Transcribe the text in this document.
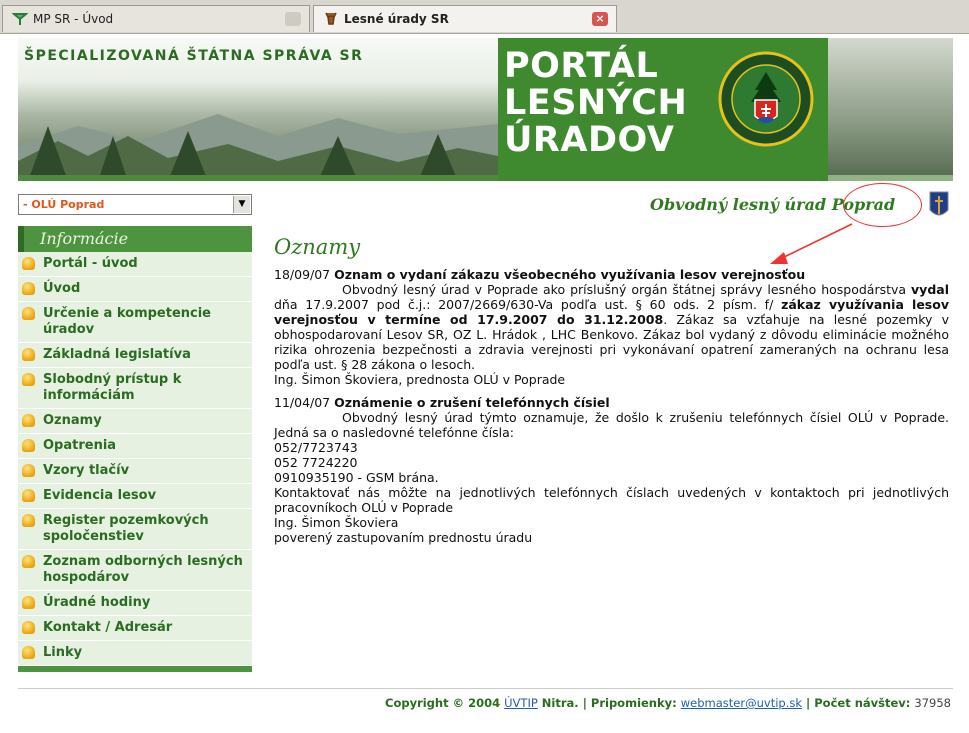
MP SR - Úvod	Lesné úrady SR	×
ŠPECIALIZOVANÁ ŠTÁTNA SPRÁVA SR	PORTÁL LESNÝCH ÚRADOV
- OLÚ Poprad	▼	Obvodný lesný úrad Poprad
Informácie
Portál - úvod
Úvod
Určenie a kompetencie úradov
Základná legislatíva
Slobodný prístup k informáciám
Oznamy
Opatrenia
Vzory tlačív
Evidencia lesov
Register pozemkových spoločenstiev
Zoznam odborných lesných hospodárov
Úradné hodiny
Kontakt / Adresár
Linky
Oznamy
18/09/07 Oznam o vydaní zákazu všeobecného využívania lesov verejnosťou
Obvodný lesný úrad v Poprade ako príslušný orgán štátnej správy lesného hospodárstva vydal dňa 17.9.2007 pod č.j.: 2007/2669/630-Va podľa ust. § 60 ods. 2 písm. f/ zákaz využívania lesov verejnosťou v termíne od 17.9.2007 do 31.12.2008. Zákaz sa vzťahuje na lesné pozemky v obhospodarovaní Lesov SR, OZ L. Hrádok , LHC Benkovo. Zákaz bol vydaný z dôvodu eliminácie možného rizika ohrozenia bezpečnosti a zdravia verejnosti pri vykonávaní opatrení zameraných na ochranu lesa podľa ust. § 28 zákona o lesoch.
Ing. Šimon Škoviera, prednosta OLÚ v Poprade
11/04/07 Oznámenie o zrušení telefónnych čísiel
Obvodný lesný úrad týmto oznamuje, že došlo k zrušeniu telefónnych čísiel OLÚ v Poprade. Jedná sa o nasledovné telefónne čísla:
052/7723743
052 7724220
0910935190 - GSM brána.
Kontaktovať nás môžte na jednotlivých telefónnych číslach uvedených v kontaktoch pri jednotlivých pracovníkoch OLÚ v Poprade
Ing. Šimon Škoviera
poverený zastupovaním prednostu úradu
Copyright © 2004 ÚVTIP Nitra. | Pripomienky: webmaster@uvtip.sk | Počet návštev: 37958
